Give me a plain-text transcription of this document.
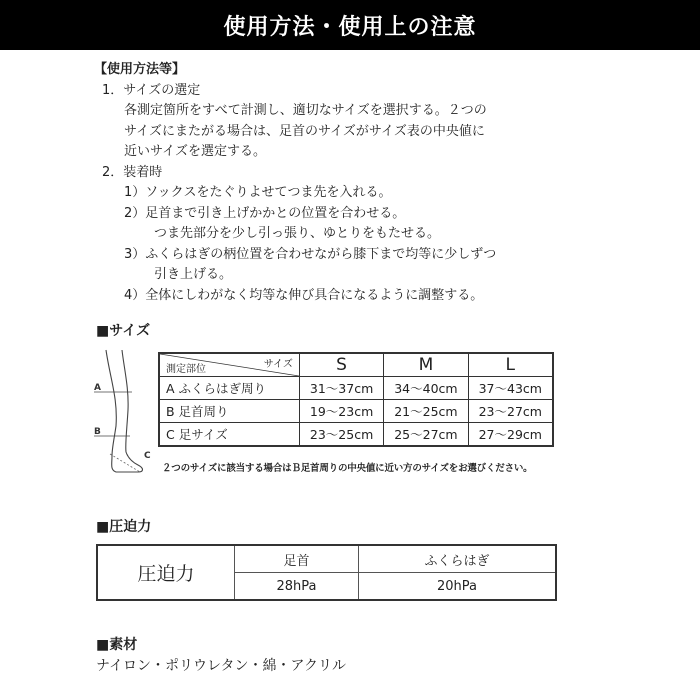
使用方法・使用上の注意
【使用方法等】
1．サイズの選定
各測定箇所をすべて計測し、適切なサイズを選択する。２つの
サイズにまたがる場合は、足首のサイズがサイズ表の中央値に
近いサイズを選定する。
2．装着時
1）ソックスをたぐりよせてつま先を入れる。
2）足首まで引き上げかかとの位置を合わせる。
つま先部分を少し引っ張り、ゆとりをもたせる。
3）ふくらはぎの柄位置を合わせながら膝下まで均等に少しずつ
引き上げる。
4）全体にしわがなく均等な伸び具合になるように調整する。
■サイズ
A
B
C
サイズ
測定部位	S	M	L
A ふくらはぎ周り	31〜37cm	34〜40cm	37〜43cm
B 足首周り	19〜23cm	21〜25cm	23〜27cm
C 足サイズ	23〜25cm	25〜27cm	27〜29cm
２つのサイズに該当する場合はＢ足首周りの中央値に近い方のサイズをお選びください。
■圧迫力
圧迫力	足首	ふくらはぎ
	28hPa	20hPa
■素材
ナイロン・ポリウレタン・綿・アクリル
